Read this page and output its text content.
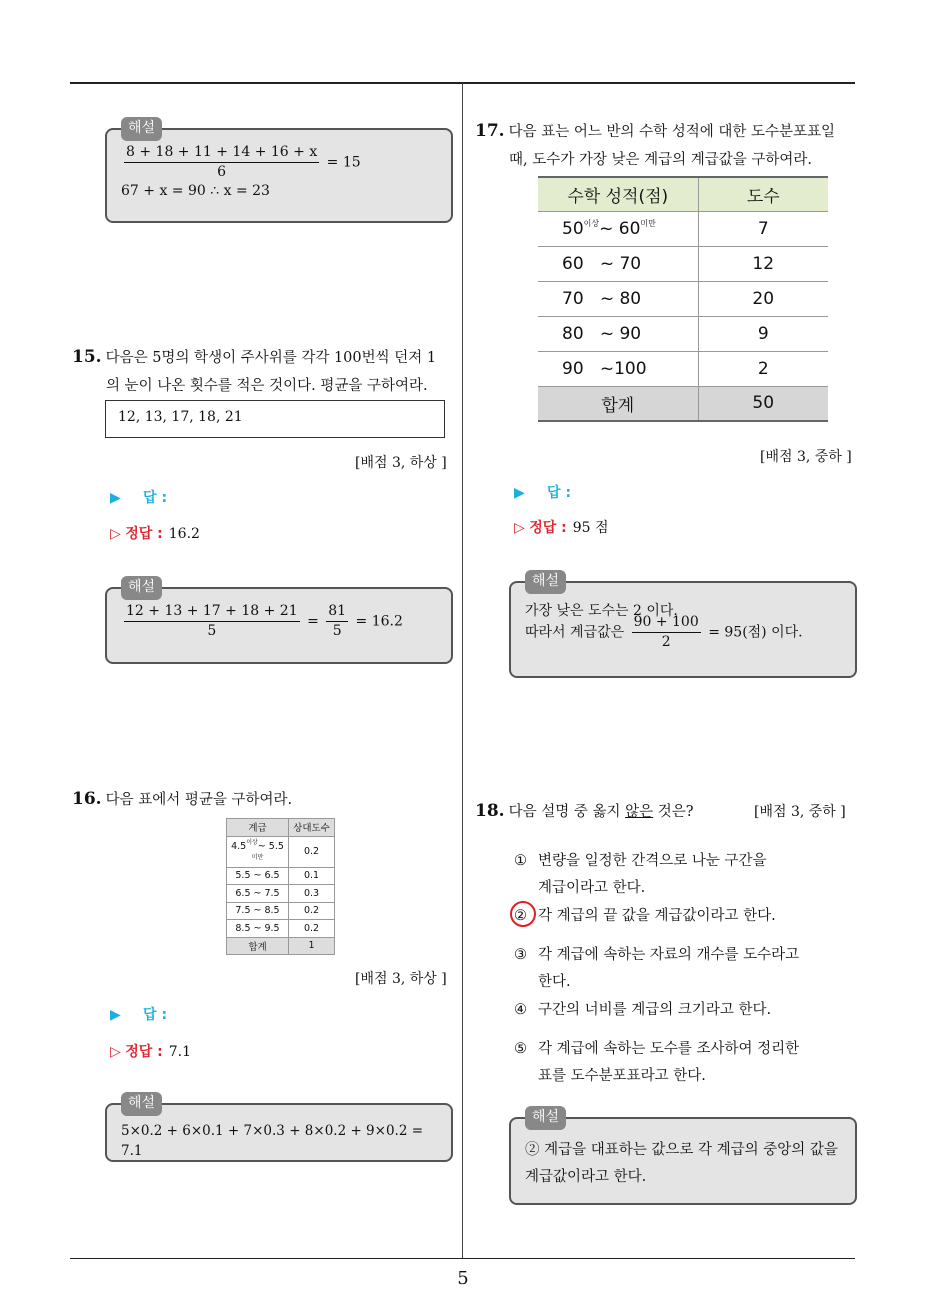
5
해설
$\frac{8 + 18 + 11 + 14 + 16 + x}{6} = 15$
67 + x = 90 ∴ x = 23
15. 다음은 5명의 학생이 주사위를 각각 100번씩 던져 1
의 눈이 나온 횟수를 적은 것이다. 평균을 구하여라.
12, 13, 17, 18, 21
[배점 3, 하상 ]
▶ 답 :
▷ 정답 : 16.2
해설
$\frac{12 + 13 + 17 + 18 + 21}{5} = \frac{81}{5} = 16.2$
16. 다음 표에서 평균을 구하여라.
계급	상대도수
$4.5^{이상}\sim$ $5.5^{미만}$	0.2
5.5 ~ 6.5	0.1
6.5 ~ 7.5	0.3
7.5 ~ 8.5	0.2
8.5 ~ 9.5	0.2
합계	1
[배점 3, 하상 ]
▶ 답 :
▷ 정답 : 7.1
해설
5×0.2 + 6×0.1 + 7×0.3 + 8×0.2 + 9×0.2 = 7.1
17. 다음 표는 어느 반의 수학 성적에 대한 도수분포표일
때, 도수가 가장 낮은 계급의 계급값을 구하여라.
수학 성적(점)	도수
$50^{이상}\sim$ $60^{미만}$	7
60   ~ 70	12
70   ~ 80	20
80   ~ 90	9
90   ~100	2
합계	50
[배점 3, 중하 ]
▶ 답 :
▷ 정답 : 95 점
해설
가장 낮은 도수는 2 이다.
따라서 계급값은 $\frac{90 + 100}{2} = 95$(점) 이다.
18. 다음 설명 중 옳지 않은 것은?	[배점 3, 중하 ]
① 변량을 일정한 간격으로 나눈 구간을
계급이라고 한다.
② 각 계급의 끝 값을 계급값이라고 한다.
③ 각 계급에 속하는 자료의 개수를 도수라고
한다.
④ 구간의 너비를 계급의 크기라고 한다.
⑤ 각 계급에 속하는 도수를 조사하여 정리한
표를 도수분포표라고 한다.
해설
② 계급을 대표하는 값으로 각 계급의 중앙의 값을
계급값이라고 한다.
